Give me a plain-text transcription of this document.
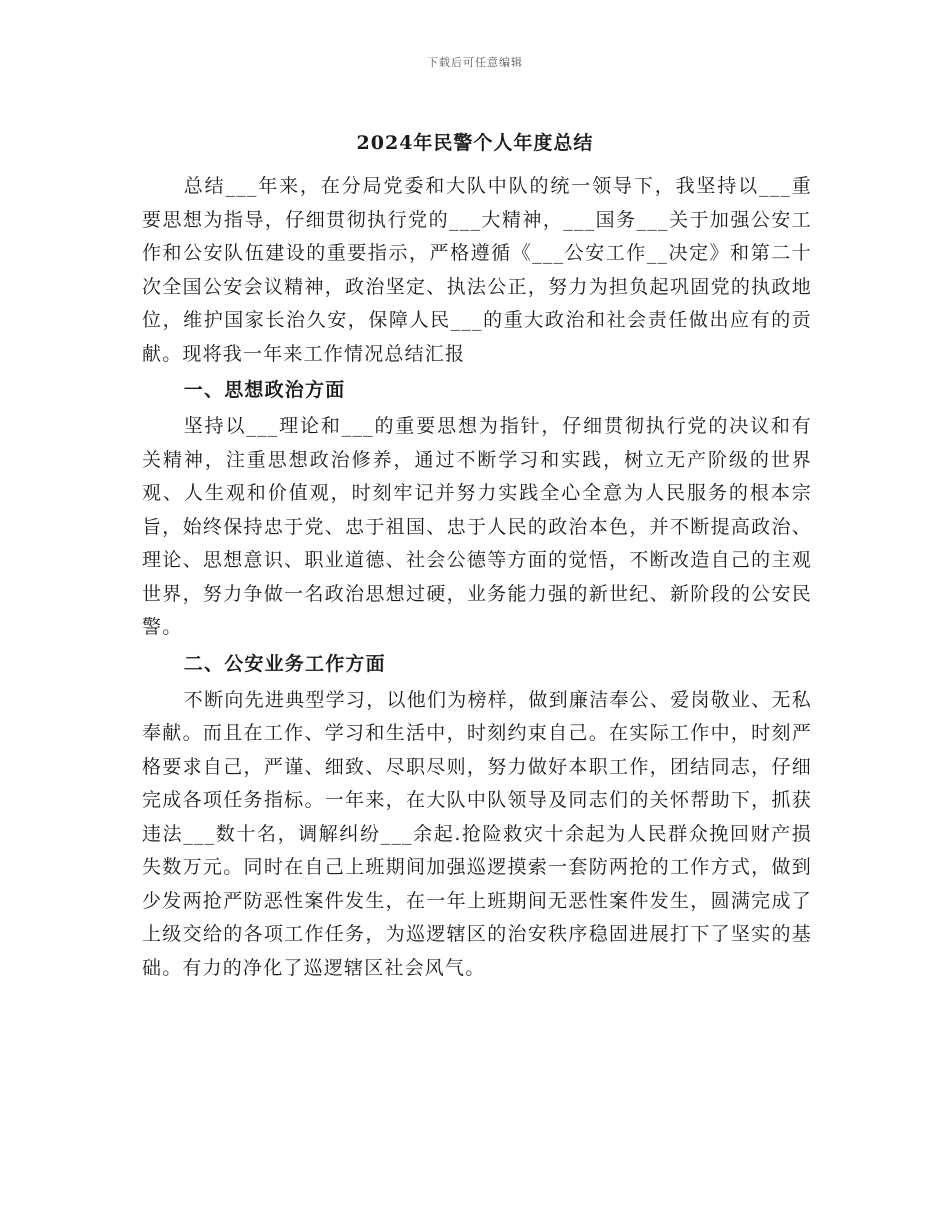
下载后可任意编辑
2024年民警个人年度总结

总结___年来，在分局党委和大队中队的统一领导下，我坚持以___重要思想为指导，仔细贯彻执行党的___大精神，___国务___关于加强公安工作和公安队伍建设的重要指示，严格遵循《___公安工作__决定》和第二十次全国公安会议精神，政治坚定、执法公正，努力为担负起巩固党的执政地位，维护国家长治久安，保障人民___的重大政治和社会责任做出应有的贡献。现将我一年来工作情况总结汇报

一、思想政治方面

坚持以___理论和___的重要思想为指针，仔细贯彻执行党的决议和有关精神，注重思想政治修养，通过不断学习和实践，树立无产阶级的世界观、人生观和价值观，时刻牢记并努力实践全心全意为人民服务的根本宗旨，始终保持忠于党、忠于祖国、忠于人民的政治本色，并不断提高政治、理论、思想意识、职业道德、社会公德等方面的觉悟，不断改造自己的主观世界，努力争做一名政治思想过硬，业务能力强的新世纪、新阶段的公安民警。

二、公安业务工作方面

不断向先进典型学习，以他们为榜样，做到廉洁奉公、爱岗敬业、无私奉献。而且在工作、学习和生活中，时刻约束自己。在实际工作中，时刻严格要求自己，严谨、细致、尽职尽则，努力做好本职工作，团结同志，仔细完成各项任务指标。一年来，在大队中队领导及同志们的关怀帮助下，抓获违法___数十名，调解纠纷___余起.抢险救灾十余起为人民群众挽回财产损失数万元。同时在自己上班期间加强巡逻摸索一套防两抢的工作方式，做到少发两抢严防恶性案件发生，在一年上班期间无恶性案件发生，圆满完成了上级交给的各项工作任务，为巡逻辖区的治安秩序稳固进展打下了坚实的基础。有力的净化了巡逻辖区社会风气。
